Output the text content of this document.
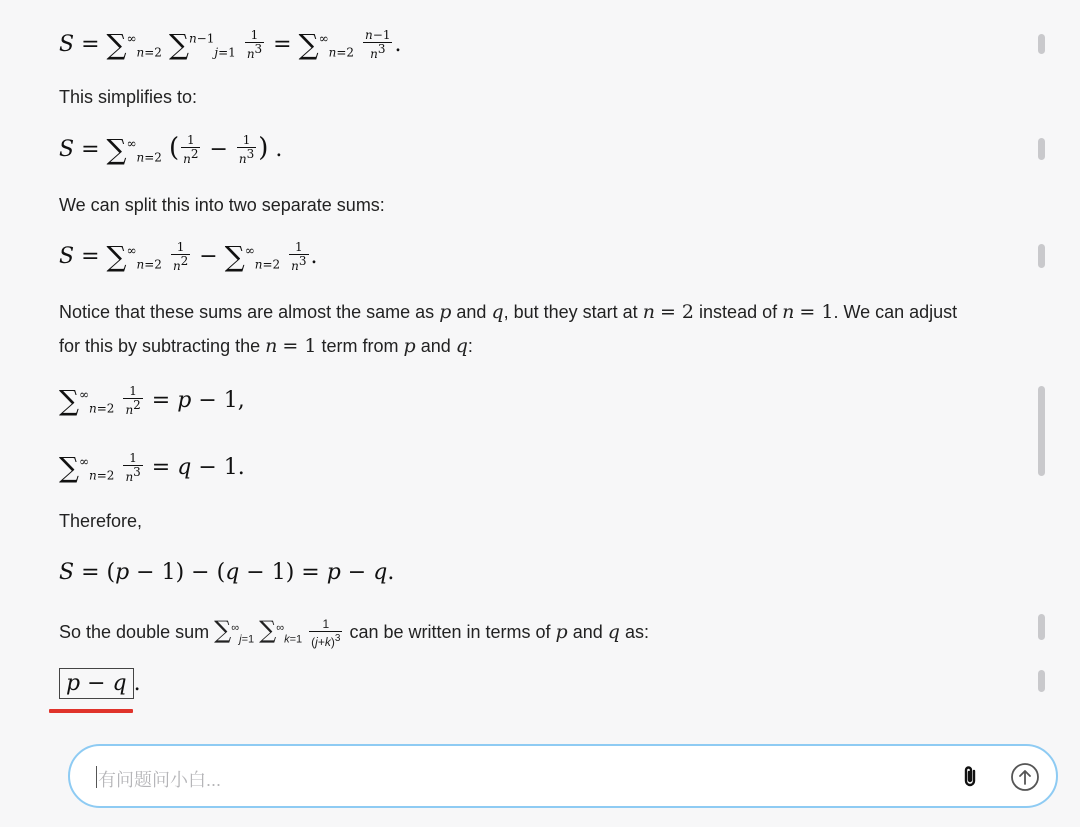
$S = \sum^\infty_{n=2}$ $\sum^{n-1}_{j=1} \frac{1}{n^3} = \sum^\infty_{n=2} \frac{n-1}{n^3}$ .
This simplifies to:
$S = \sum^\infty_{n=2}$ ( $\frac{1}{n^2} - \frac{1}{n^3}$ ) .
We can split this into two separate sums:
$S = \sum^\infty_{n=2} \frac{1}{n^2} - \sum^\infty_{n=2} \frac{1}{n^3}$ .
Notice that these sums are almost the same as p and q, but they start at n = 2 instead of n = 1. We can adjust
for this by subtracting the n = 1 term from p and q:
$\sum^\infty_{n=2} \frac{1}{n^2} = p - 1$,
$\sum^\infty_{n=2} \frac{1}{n^3} = q - 1$.
Therefore,
S = (p − 1) − (q − 1) = p − q.
So the double sum $\sum^\infty_{j=1}$ $\sum^\infty_{k=1} \frac{1}{(j+k)^3}$ can be written in terms of p and q as:
p − q .
有问题问小白...
